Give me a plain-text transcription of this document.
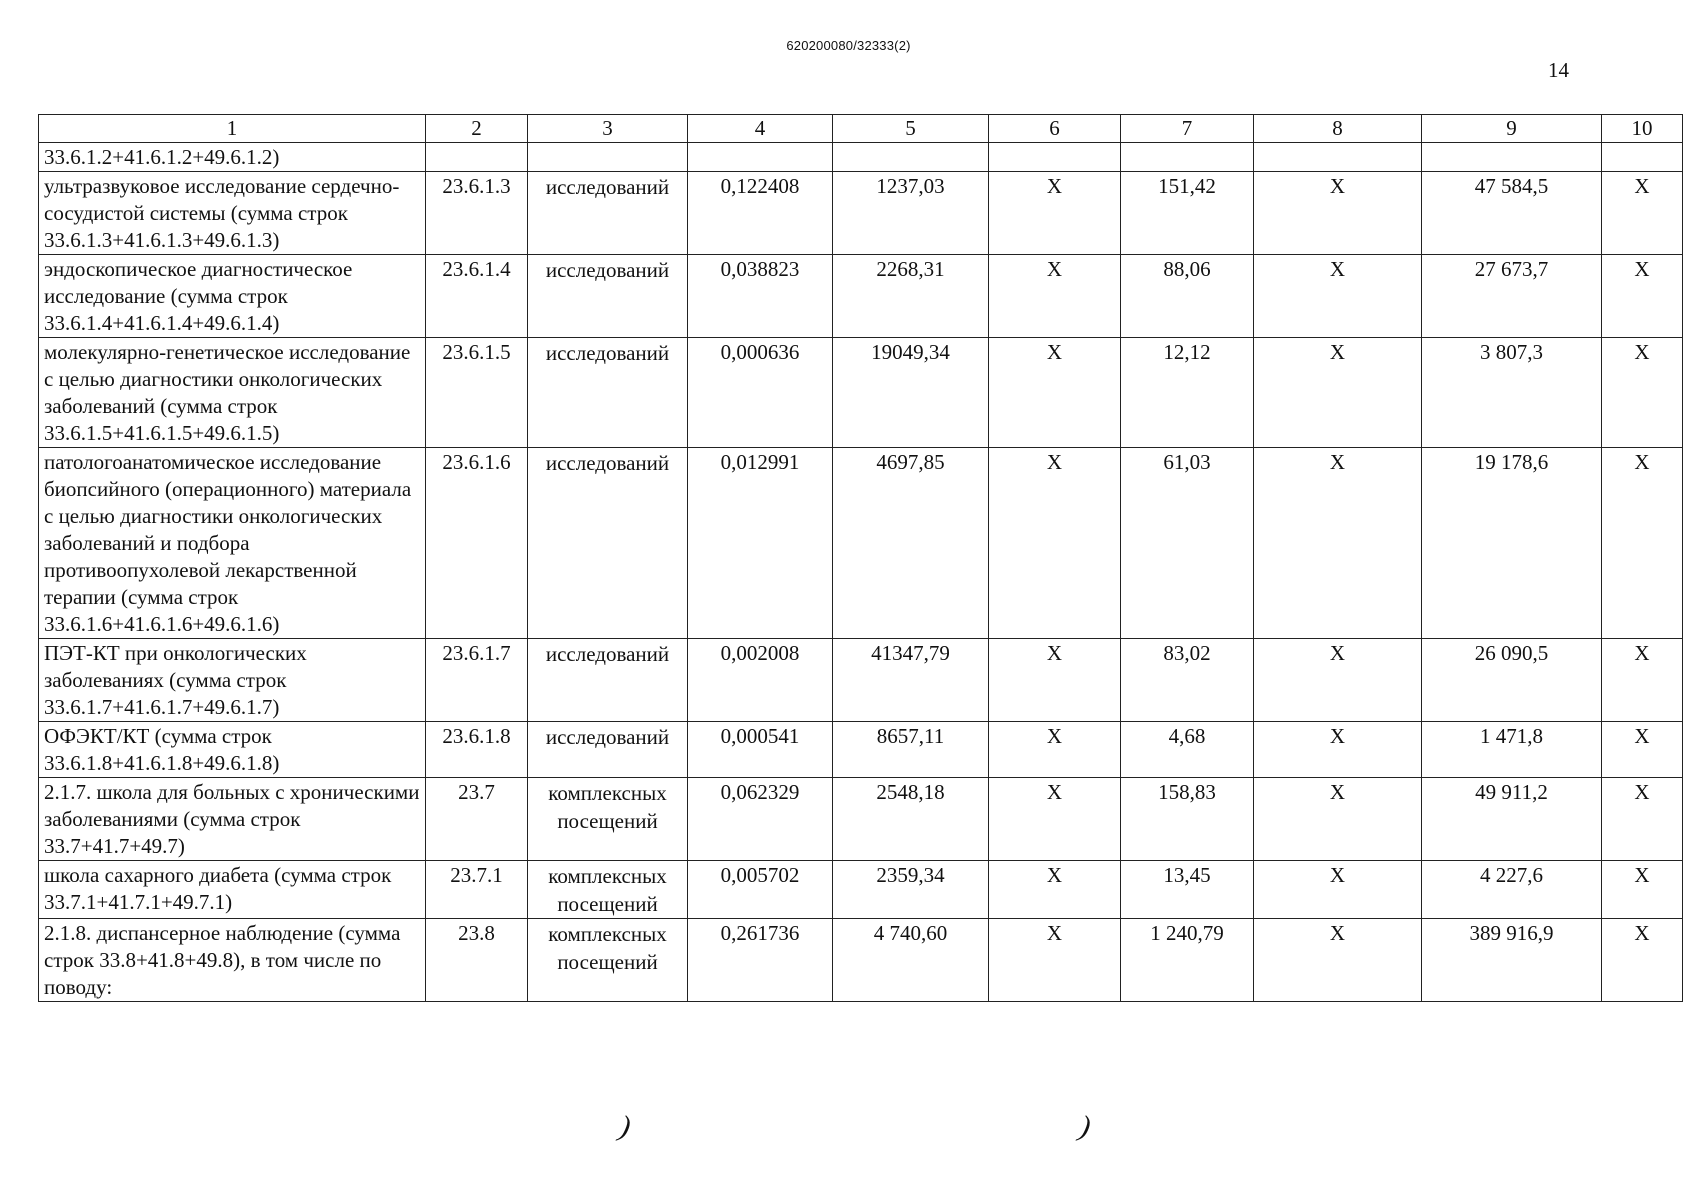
620200080/32333(2)
14
1	2	3	4	5	6	7	8	9	10
33.6.1.2+41.6.1.2+49.6.1.2)									
ультразвуковое исследование сердечно-сосудистой системы (сумма строк 33.6.1.3+41.6.1.3+49.6.1.3)	23.6.1.3	исследований	0,122408	1237,03	X	151,42	X	47 584,5	X
эндоскопическое диагностическое исследование (сумма строк 33.6.1.4+41.6.1.4+49.6.1.4)	23.6.1.4	исследований	0,038823	2268,31	X	88,06	X	27 673,7	X
молекулярно-генетическое исследование с целью диагностики онкологических заболеваний (сумма строк 33.6.1.5+41.6.1.5+49.6.1.5)	23.6.1.5	исследований	0,000636	19049,34	X	12,12	X	3 807,3	X
патологоанатомическое исследование биопсийного (операционного) материала с целью диагностики онкологических заболеваний и подбора противоопухолевой лекарственной терапии (сумма строк 33.6.1.6+41.6.1.6+49.6.1.6)	23.6.1.6	исследований	0,012991	4697,85	X	61,03	X	19 178,6	X
ПЭТ-КТ при онкологических заболеваниях (сумма строк 33.6.1.7+41.6.1.7+49.6.1.7)	23.6.1.7	исследований	0,002008	41347,79	X	83,02	X	26 090,5	X
ОФЭКТ/КТ (сумма строк 33.6.1.8+41.6.1.8+49.6.1.8)	23.6.1.8	исследований	0,000541	8657,11	X	4,68	X	1 471,8	X
2.1.7. школа для больных с хроническими заболеваниями (сумма строк 33.7+41.7+49.7)	23.7	комплексных посещений	0,062329	2548,18	X	158,83	X	49 911,2	X
школа сахарного диабета (сумма строк 33.7.1+41.7.1+49.7.1)	23.7.1	комплексных посещений	0,005702	2359,34	X	13,45	X	4 227,6	X
2.1.8. диспансерное наблюдение (сумма строк 33.8+41.8+49.8), в том числе по поводу:	23.8	комплексных посещений	0,261736	4 740,60	X	1 240,79	X	389 916,9	X
)	)
